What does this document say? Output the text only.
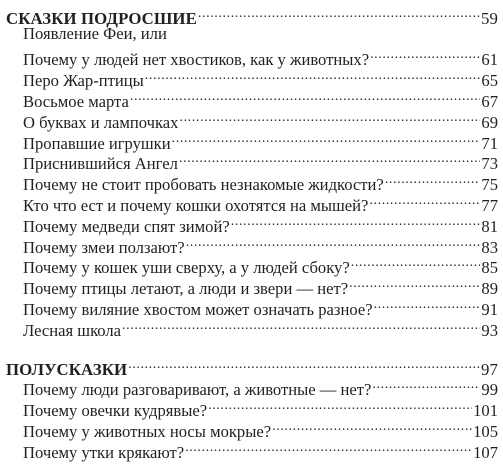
СКАЗКИ ПОДРОСШИЕ .....	59
Появление Феи, или
Почему у людей нет хвостиков, как у животных? .....	61
Перо Жар-птицы .....	65
Восьмое марта .....	67
О буквах и лампочках .....	69
Пропавшие игрушки .....	71
Приснившийся Ангел .....	73
Почему не стоит пробовать незнакомые жидкости? .....	75
Кто что ест и почему кошки охотятся на мышей? .....	77
Почему медведи спят зимой? .....	81
Почему змеи ползают? .....	83
Почему у кошек уши сверху, а у людей сбоку? .....	85
Почему птицы летают, а люди и звери — нет? .....	89
Почему виляние хвостом может означать разное? .....	91
Лесная школа .....	93
ПОЛУСКАЗКИ .....	97
Почему люди разговаривают, а животные — нет? .....	99
Почему овечки кудрявые? .....	101
Почему у животных носы мокрые? .....	105
Почему утки крякают? .....	107
